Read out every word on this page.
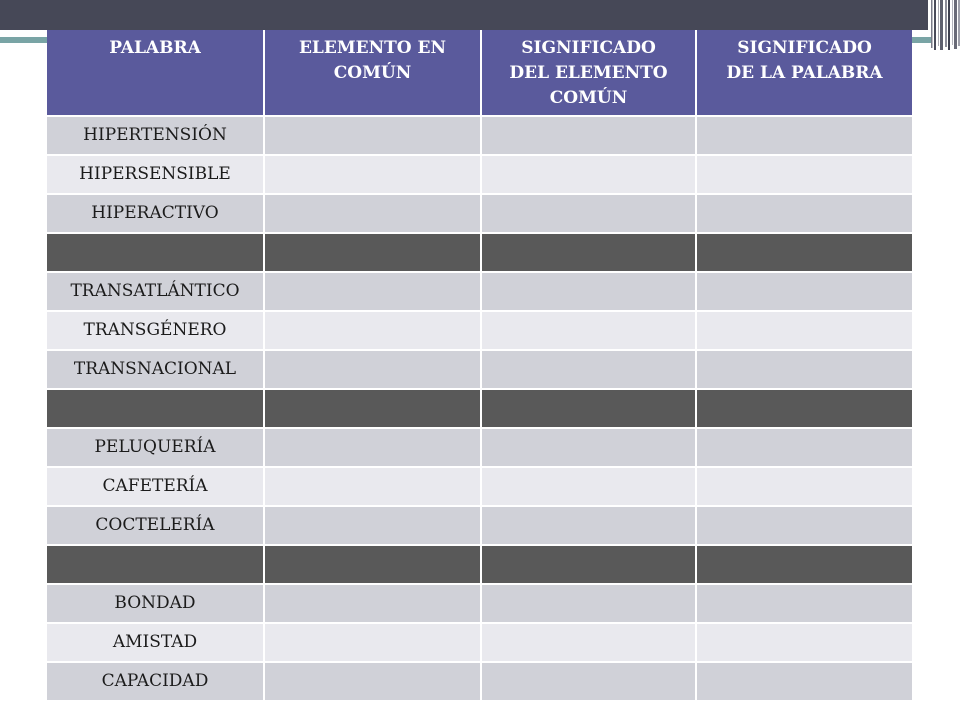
PALABRA	ELEMENTO EN
COMÚN
SIGNIFICADO
DEL ELEMENTO
COMÚN
SIGNIFICADO
DE LA PALABRA
HIPERTENSIÓN
HIPERSENSIBLE
HIPERACTIVO
TRANSATLÁNTICO
TRANSGÉNERO
TRANSNACIONAL
PELUQUERÍA
CAFETERÍA
COCTELERÍA
BONDAD
AMISTAD
CAPACIDAD
